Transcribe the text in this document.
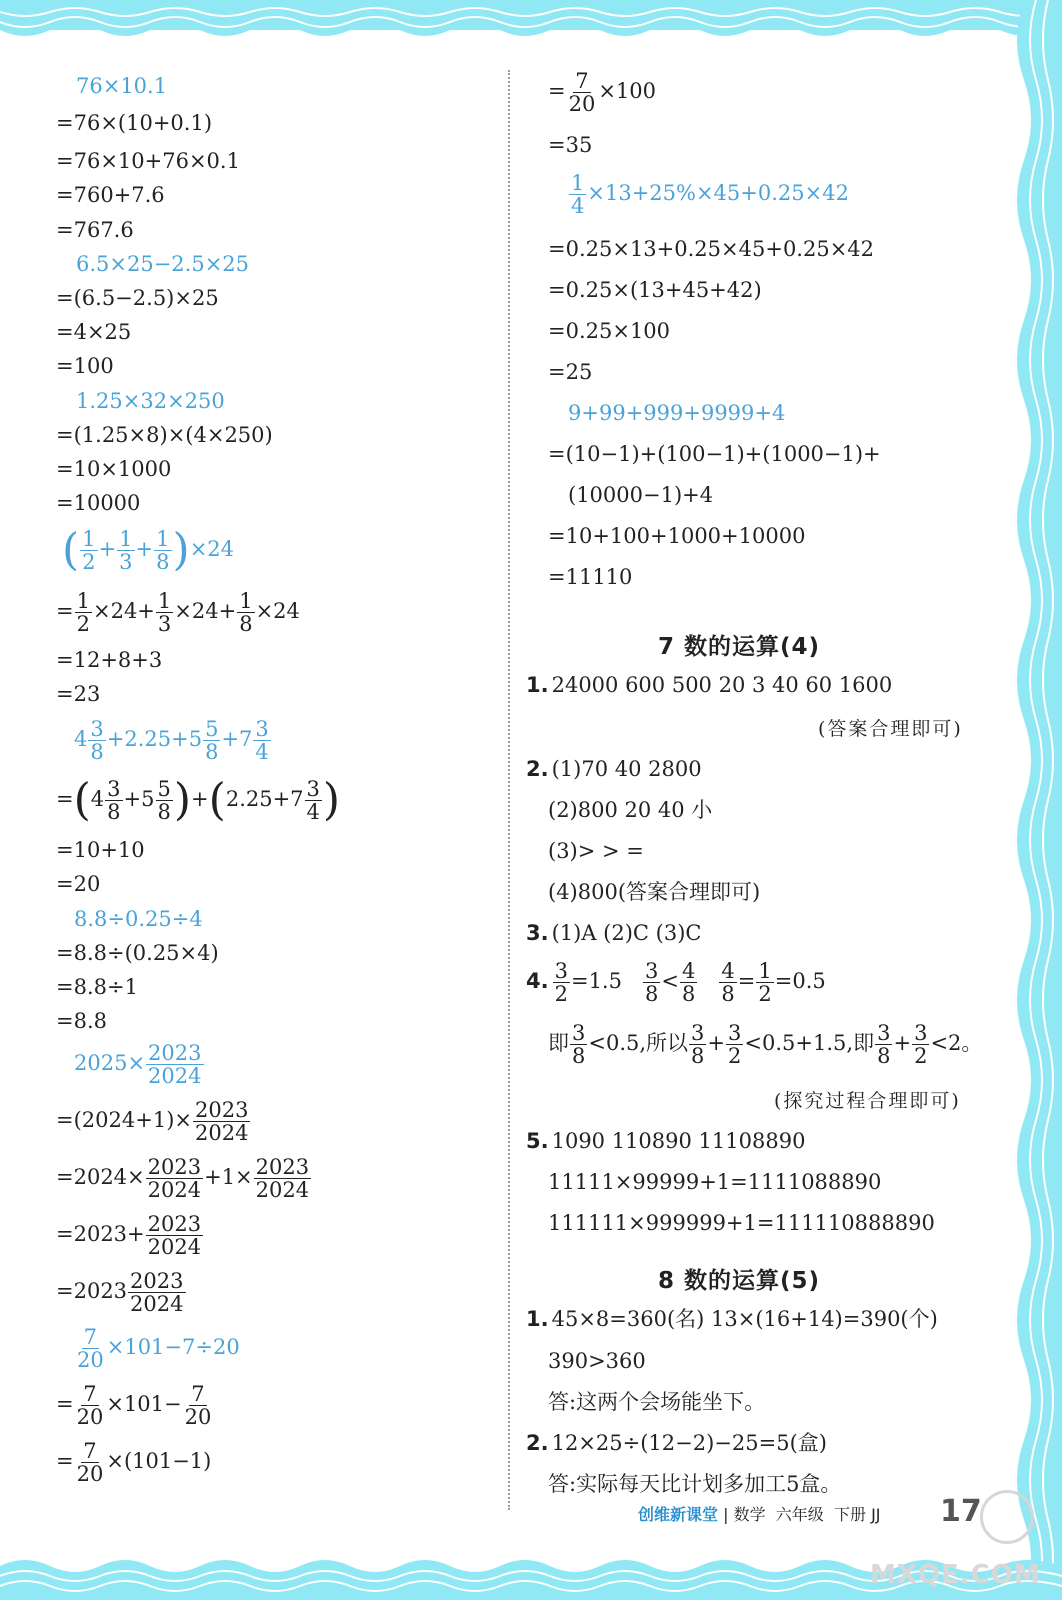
76×10.1
=76×(10+0.1)
=76×10+76×0.1
=760+7.6
=767.6
6.5×25−2.5×25
=(6.5−2.5)×25
=4×25
=100
1.25×32×250
=(1.25×8)×(4×250)
=10×1000
=10000
( $\frac{1}{2} + \frac{1}{3} + \frac{1}{8} )\times 24$
= $\frac{1}{2} \times 24+ \frac{1}{3} \times 24+ \frac{1}{8} \times 24$
=12+8+3
=23
$4 \frac{3}{8} +2.25+5 \frac{5}{8} +7 \frac{3}{4}$
$=(4 \frac{3}{8} +5 \frac{5}{8} )+(2.25+7 \frac{3}{4}$ )
=10+10
=20
8.8÷0.25÷4
=8.8÷(0.25×4)
=8.8÷1
=8.8
$2025\times \frac{2023}{2024}$
$=(2024+1)\times \frac{2023}{2024}$
$=2024\times \frac{2023}{2024} +1\times \frac{2023}{2024}$
$=2023+ \frac{2023}{2024}$
$=2023 \frac{2023}{2024}$
$\frac{7}{20} \times 101-7\div 20$
= $\frac{7}{20} \times 101- \frac{7}{20}$
= $\frac{7}{20} \times(101-1)$
= $\frac{7}{20} \times 100$
=35
$\frac{1}{4} \times 13+25\%\times 45+0.25\times 42$
=0.25×13+0.25×45+0.25×42
=0.25×(13+45+42)
=0.25×100
=25
9+99+999+9999+4
=(10−1)+(100−1)+(1000−1)+
(10000−1)+4
=10+100+1000+10000
=11110
7 数的运算(4)
1. 24000 600 500 20 3 40 60 1600
(答案合理即可)
2. (1)70 40 2800
(2)800 20 40 小
(3)> > =
(4)800(答案合理即可)
3. (1)A (2)C (3)C
4. $\frac{3}{2} =1.5 \frac{3}{8} < \frac{4}{8}$
$\frac{4}{8} = \frac{1}{2} =0.5$
即 $\frac{3}{8} <0.5$,所以 $\frac{3}{8} + \frac{3}{2} <0.5+1.5$,即 $\frac{3}{8} + \frac{3}{2} <2$。
(探究过程合理即可)
5. 1090 110890 11108890
11111×99999+1=1111088890
111111×999999+1=111110888890
8 数的运算(5)
1. 45×8=360(名) 13×(16+14)=390(个)
390>360
答:这两个会场能坐下。
2. 12×25÷(12−2)−25=5(盒)
答:实际每天比计划多加工5盒。
创维新课堂 | 数学 六年级 下册 JJ 17
MXQE.COM
